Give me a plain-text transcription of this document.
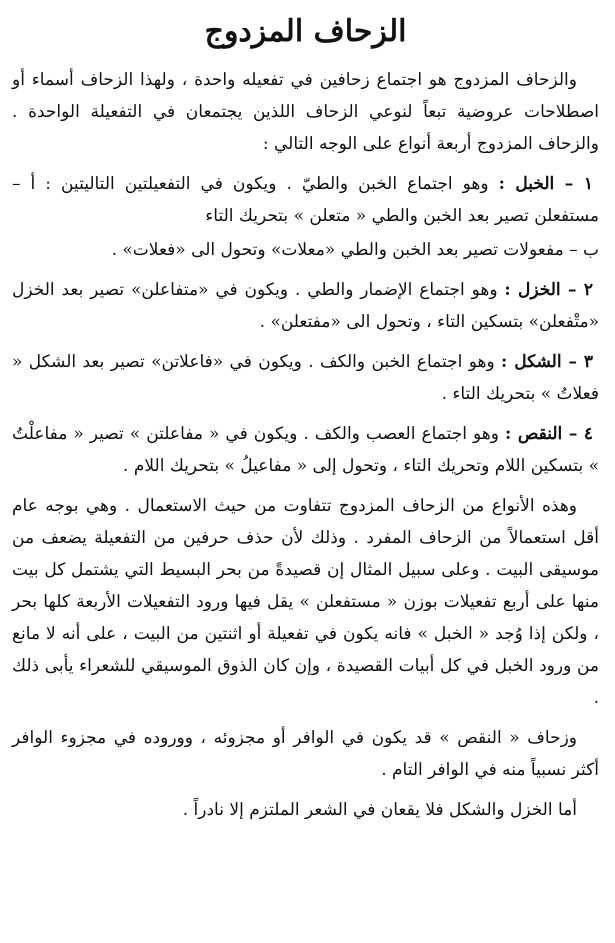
الزحاف المزدوج

والزحاف المزدوج هو اجتماع زحافين في تفعيله واحدة ، ولهذا الزحاف أسماء أو اصطلاحات عروضية تبعاً لنوعي الزحاف اللذين يجتمعان في التفعيلة الواحدة . والزحاف المزدوج أربعة أنواع على الوجه التالي :

١ – الخبل : وهو اجتماع الخبن والطيّ . ويكون في التفعيلتين التاليتين : أ – مستفعلن تصير بعد الخبن والطي « متعلن » بتحريك التاء

ب – مفعولات تصير بعد الخبن والطي «معلات» وتحول الى «فعلات» .

٢ – الخزل : وهو اجتماع الإضمار والطي . ويكون في «متفاعلن» تصير بعد الخزل «متْفعلن» بتسكين التاء ، وتحول الى «مفتعلن» .

٣ – الشكل : وهو اجتماع الخبن والكف . ويكون في «فاعلاتن» تصير بعد الشكل « فعلاتُ » بتحريك التاء .

٤ – النقص : وهو اجتماع العصب والكف . ويكون في « مفاعلتن » تصير « مفاعلْتُ » بتسكين اللام وتحريك التاء ، وتحول إلى « مفاعيلُ » بتحريك اللام .

وهذه الأنواع من الزحاف المزدوج تتفاوت من حيث الاستعمال . وهي بوجه عام أقل استعمالاً من الزحاف المفرد . وذلك لأن حذف حرفين من التفعيلة يضعف من موسيقى البيت . وعلى سبيل المثال إن قصيدةً من بحر البسيط التي يشتمل كل بيت منها على أربع تفعيلات بوزن « مستفعلن » يقل فيها ورود التفعيلات الأربعة كلها بحر ، ولكن إذا وُجد « الخبل » فانه يكون في تفعيلة أو اثنتين من البيت ، على أنه لا مانع من ورود الخبل في كل أبيات القصيدة ، وإن كان الذوق الموسيقي للشعراء يأبى ذلك .

وزحاف « النقص » قد يكون في الوافر أو مجزوئه ، ووروده في مجزوء الوافر أكثر نسبياً منه في الوافر التام .

أما الخزل والشكل فلا يقعان في الشعر الملتزم إلا نادراً .
